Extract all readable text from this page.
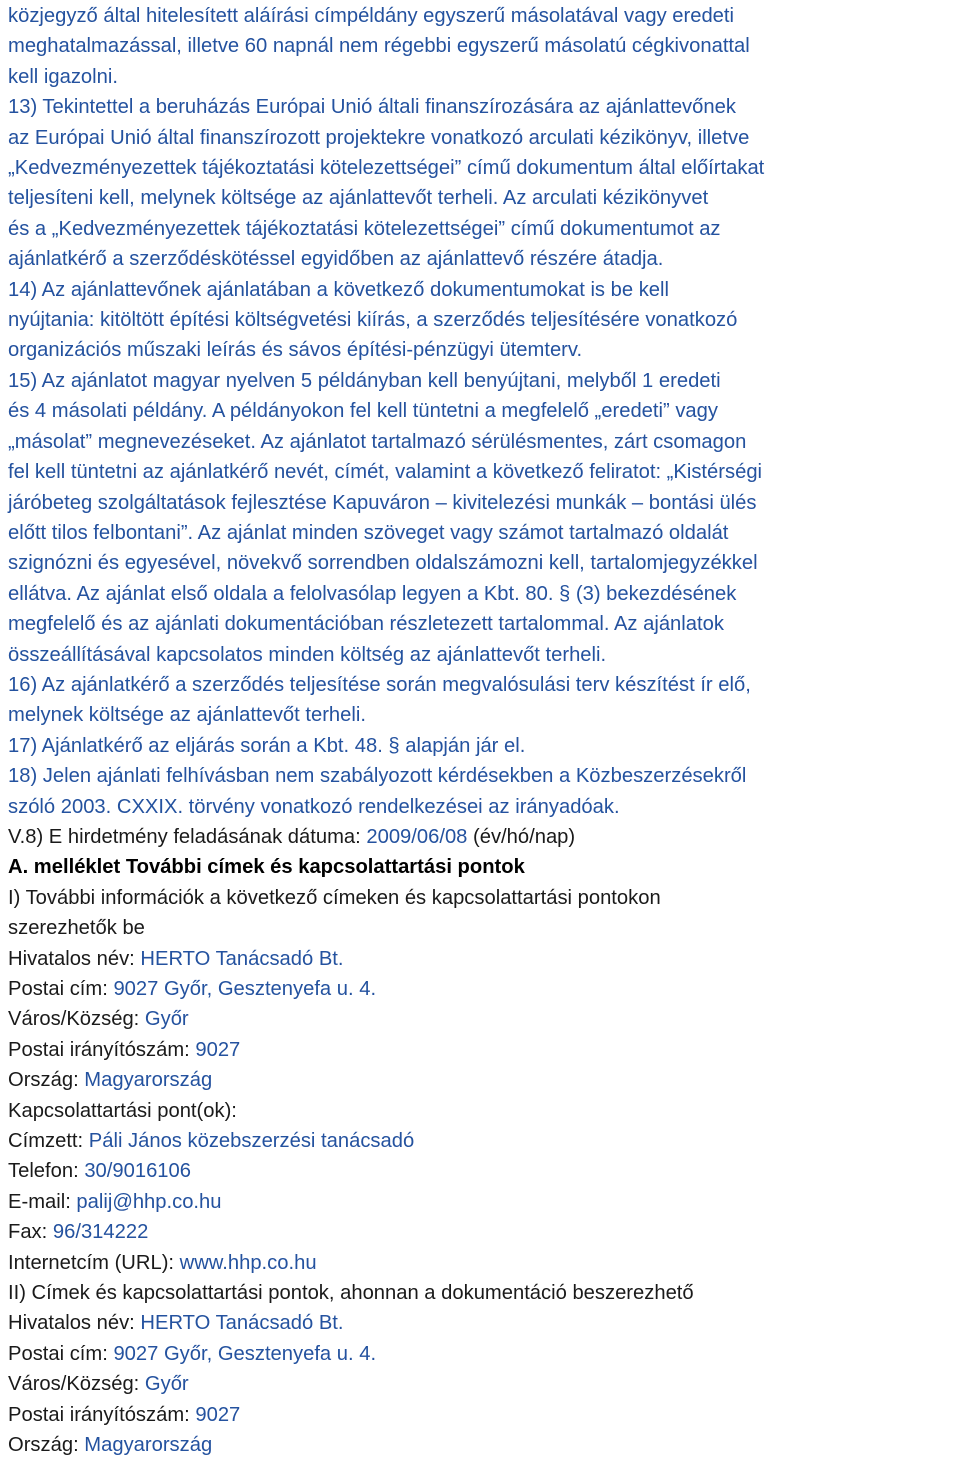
közjegyző által hitelesített aláírási címpéldány egyszerű másolatával vagy eredeti
meghatalmazással, illetve 60 napnál nem régebbi egyszerű másolatú cégkivonattal
kell igazolni.
13) Tekintettel a beruházás Európai Unió általi finanszírozására az ajánlattevőnek
az Európai Unió által finanszírozott projektekre vonatkozó arculati kézikönyv, illetve
„Kedvezményezettek tájékoztatási kötelezettségei” című dokumentum által előírtakat
teljesíteni kell, melynek költsége az ajánlattevőt terheli. Az arculati kézikönyvet
és a „Kedvezményezettek tájékoztatási kötelezettségei” című dokumentumot az
ajánlatkérő a szerződéskötéssel egyidőben az ajánlattevő részére átadja.
14) Az ajánlattevőnek ajánlatában a következő dokumentumokat is be kell
nyújtania: kitöltött építési költségvetési kiírás, a szerződés teljesítésére vonatkozó
organizációs műszaki leírás és sávos építési-pénzügyi ütemterv.
15) Az ajánlatot magyar nyelven 5 példányban kell benyújtani, melyből 1 eredeti
és 4 másolati példány. A példányokon fel kell tüntetni a megfelelő „eredeti” vagy
„másolat” megnevezéseket. Az ajánlatot tartalmazó sérülésmentes, zárt csomagon
fel kell tüntetni az ajánlatkérő nevét, címét, valamint a következő feliratot: „Kistérségi
járóbeteg szolgáltatások fejlesztése Kapuváron – kivitelezési munkák – bontási ülés
előtt tilos felbontani”. Az ajánlat minden szöveget vagy számot tartalmazó oldalát
szignózni és egyesével, növekvő sorrendben oldalszámozni kell, tartalomjegyzékkel
ellátva. Az ajánlat első oldala a felolvasólap legyen a Kbt. 80. § (3) bekezdésének
megfelelő és az ajánlati dokumentációban részletezett tartalommal. Az ajánlatok
összeállításával kapcsolatos minden költség az ajánlattevőt terheli.
16) Az ajánlatkérő a szerződés teljesítése során megvalósulási terv készítést ír elő,
melynek költsége az ajánlattevőt terheli.
17) Ajánlatkérő az eljárás során a Kbt. 48. § alapján jár el.
18) Jelen ajánlati felhívásban nem szabályozott kérdésekben a Közbeszerzésekről
szóló 2003. CXXIX. törvény vonatkozó rendelkezései az irányadóak.
V.8) E hirdetmény feladásának dátuma: 2009/06/08 (év/hó/nap)
A. melléklet További címek és kapcsolattartási pontok
I) További információk a következő címeken és kapcsolattartási pontokon
szerezhetők be
Hivatalos név: HERTO Tanácsadó Bt.
Postai cím: 9027 Győr, Gesztenyefa u. 4.
Város/Község: Győr
Postai irányítószám: 9027
Ország: Magyarország
Kapcsolattartási pont(ok):
Címzett: Páli János közebszerzési tanácsadó
Telefon: 30/9016106
E-mail: palij@hhp.co.hu
Fax: 96/314222
Internetcím (URL): www.hhp.co.hu
II) Címek és kapcsolattartási pontok, ahonnan a dokumentáció beszerezhető
Hivatalos név: HERTO Tanácsadó Bt.
Postai cím: 9027 Győr, Gesztenyefa u. 4.
Város/Község: Győr
Postai irányítószám: 9027
Ország: Magyarország
